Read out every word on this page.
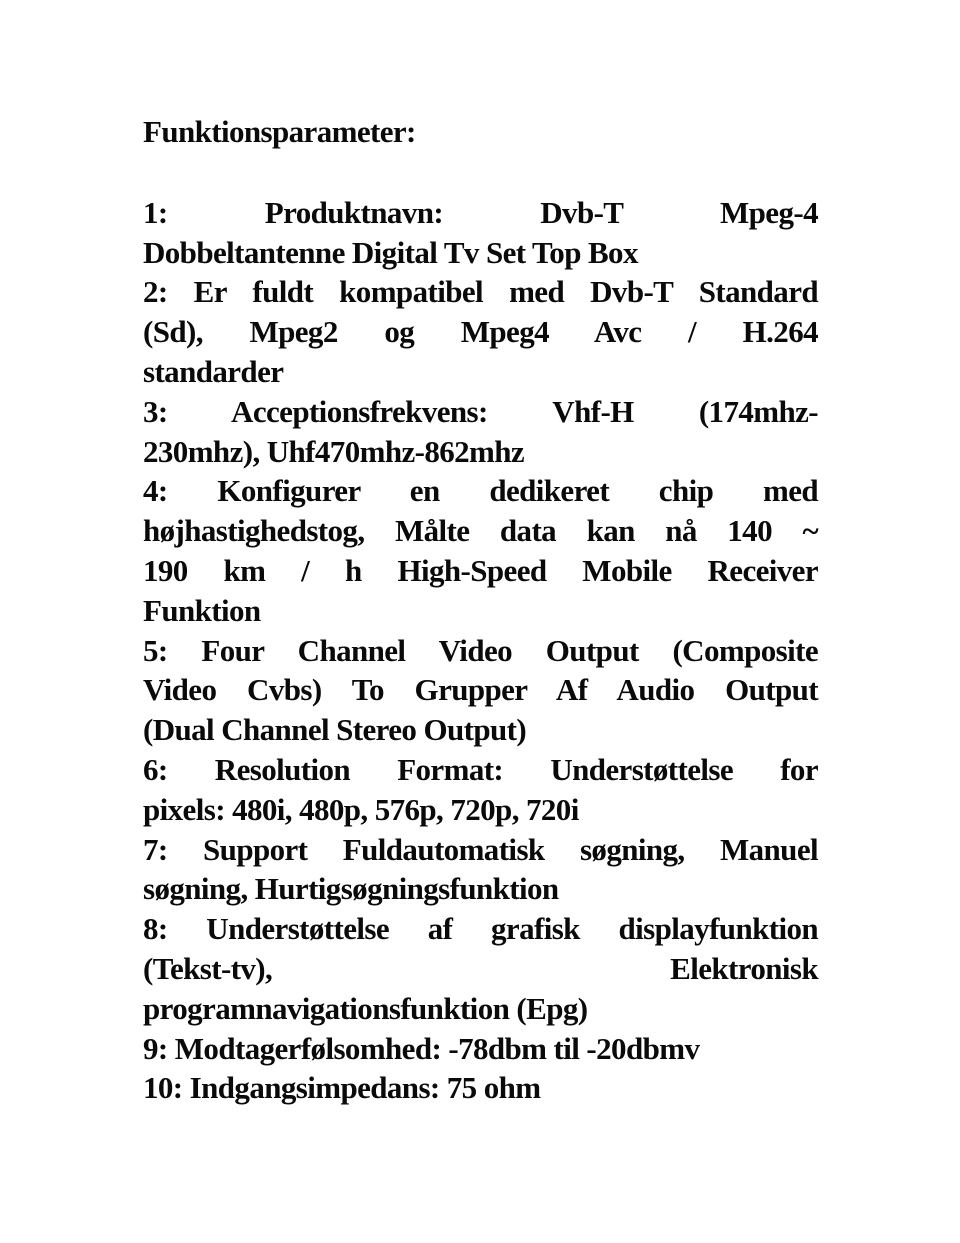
Funktionsparameter:
1: Produktnavn: Dvb-T Mpeg-4
Dobbeltantenne Digital Tv Set Top Box
2: Er fuldt kompatibel med Dvb-T Standard
(Sd), Mpeg2 og Mpeg4 Avc / H.264
standarder
3: Acceptionsfrekvens: Vhf-H (174mhz-
230mhz), Uhf470mhz-862mhz
4: Konfigurer en dedikeret chip med
højhastighedstog, Målte data kan nå 140 ~
190 km / h High-Speed Mobile Receiver
Funktion
5: Four Channel Video Output (Composite
Video Cvbs) To Grupper Af Audio Output
(Dual Channel Stereo Output)
6: Resolution Format: Understøttelse for
pixels: 480i, 480p, 576p, 720p, 720i
7: Support Fuldautomatisk søgning, Manuel
søgning, Hurtigsøgningsfunktion
8: Understøttelse af grafisk displayfunktion
(Tekst-tv), Elektronisk
programnavigationsfunktion (Epg)
9: Modtagerfølsomhed: -78dbm til -20dbmv
10: Indgangsimpedans: 75 ohm
